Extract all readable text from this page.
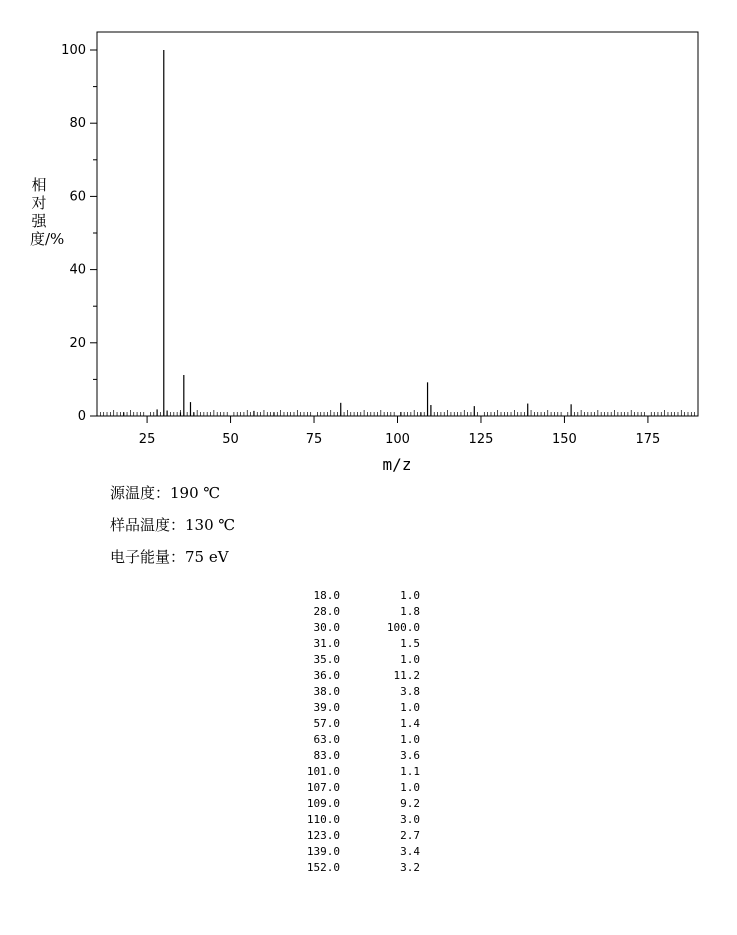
25	50	75	100	125	150	175
0
20
40
60
80
100
m/z
相对强度/%
源温度：190 ℃
样品温度：130 ℃
电子能量：75 eV
18.0	1.0
28.0	1.8
30.0	100.0
31.0	1.5
35.0	1.0
36.0	11.2
38.0	3.8
39.0	1.0
57.0	1.4
63.0	1.0
83.0	3.6
101.0	1.1
107.0	1.0
109.0	9.2
110.0	3.0
123.0	2.7
139.0	3.4
152.0	3.2
